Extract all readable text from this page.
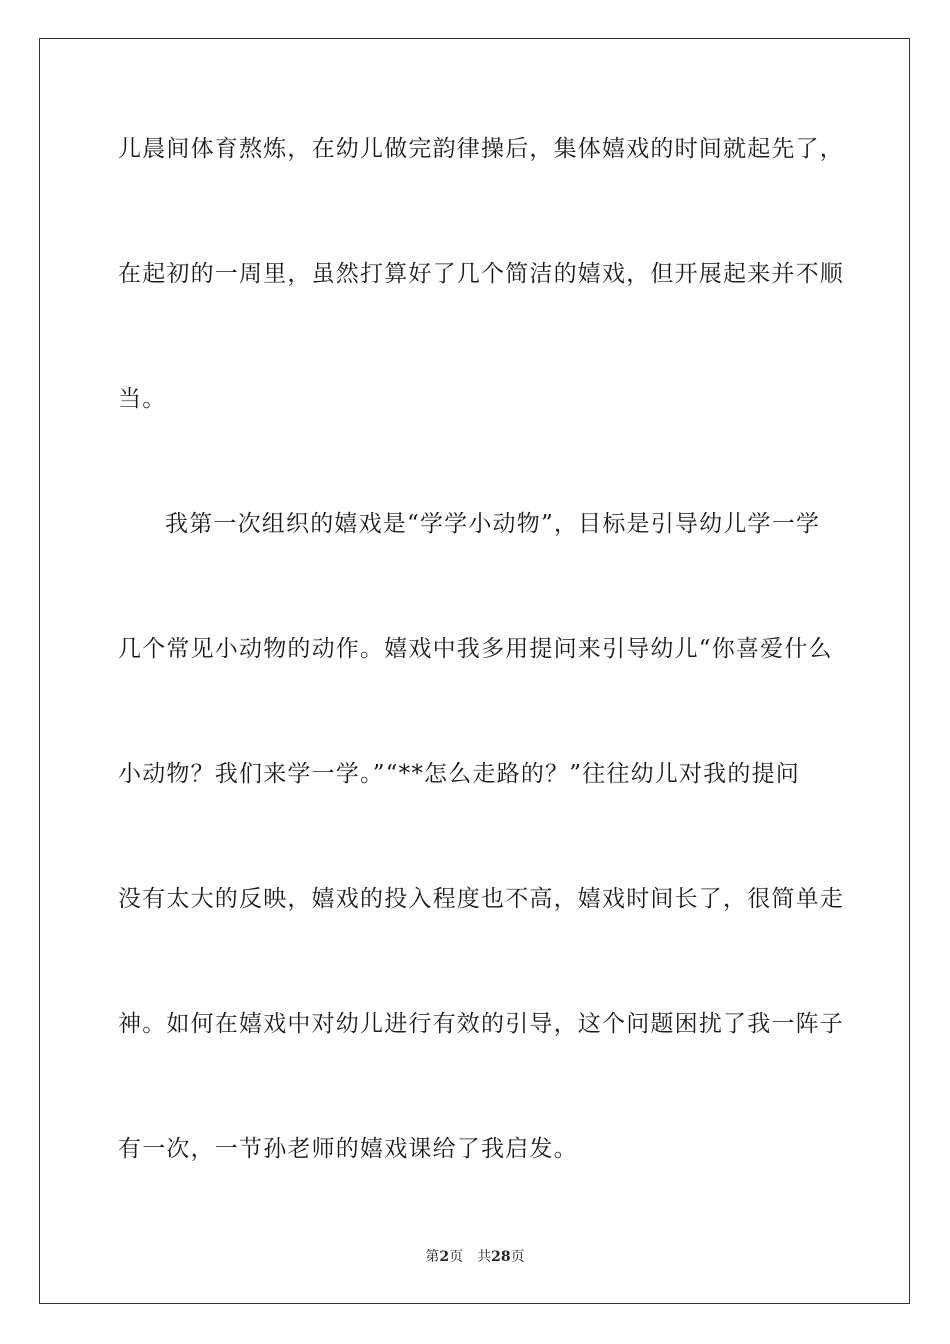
儿晨间体育熬炼，在幼儿做完韵律操后，集体嬉戏的时间就起先了，
在起初的一周里，虽然打算好了几个简洁的嬉戏，但开展起来并不顺
当。
我第一次组织的嬉戏是“学学小动物”，目标是引导幼儿学一学
几个常见小动物的动作。嬉戏中我多用提问来引导幼儿“你喜爱什么
小动物？我们来学一学。”“**怎么走路的？”往往幼儿对我的提问
没有太大的反映，嬉戏的投入程度也不高，嬉戏时间长了，很简单走
神。如何在嬉戏中对幼儿进行有效的引导，这个问题困扰了我一阵子
有一次，一节孙老师的嬉戏课给了我启发。
第2页 共28页
